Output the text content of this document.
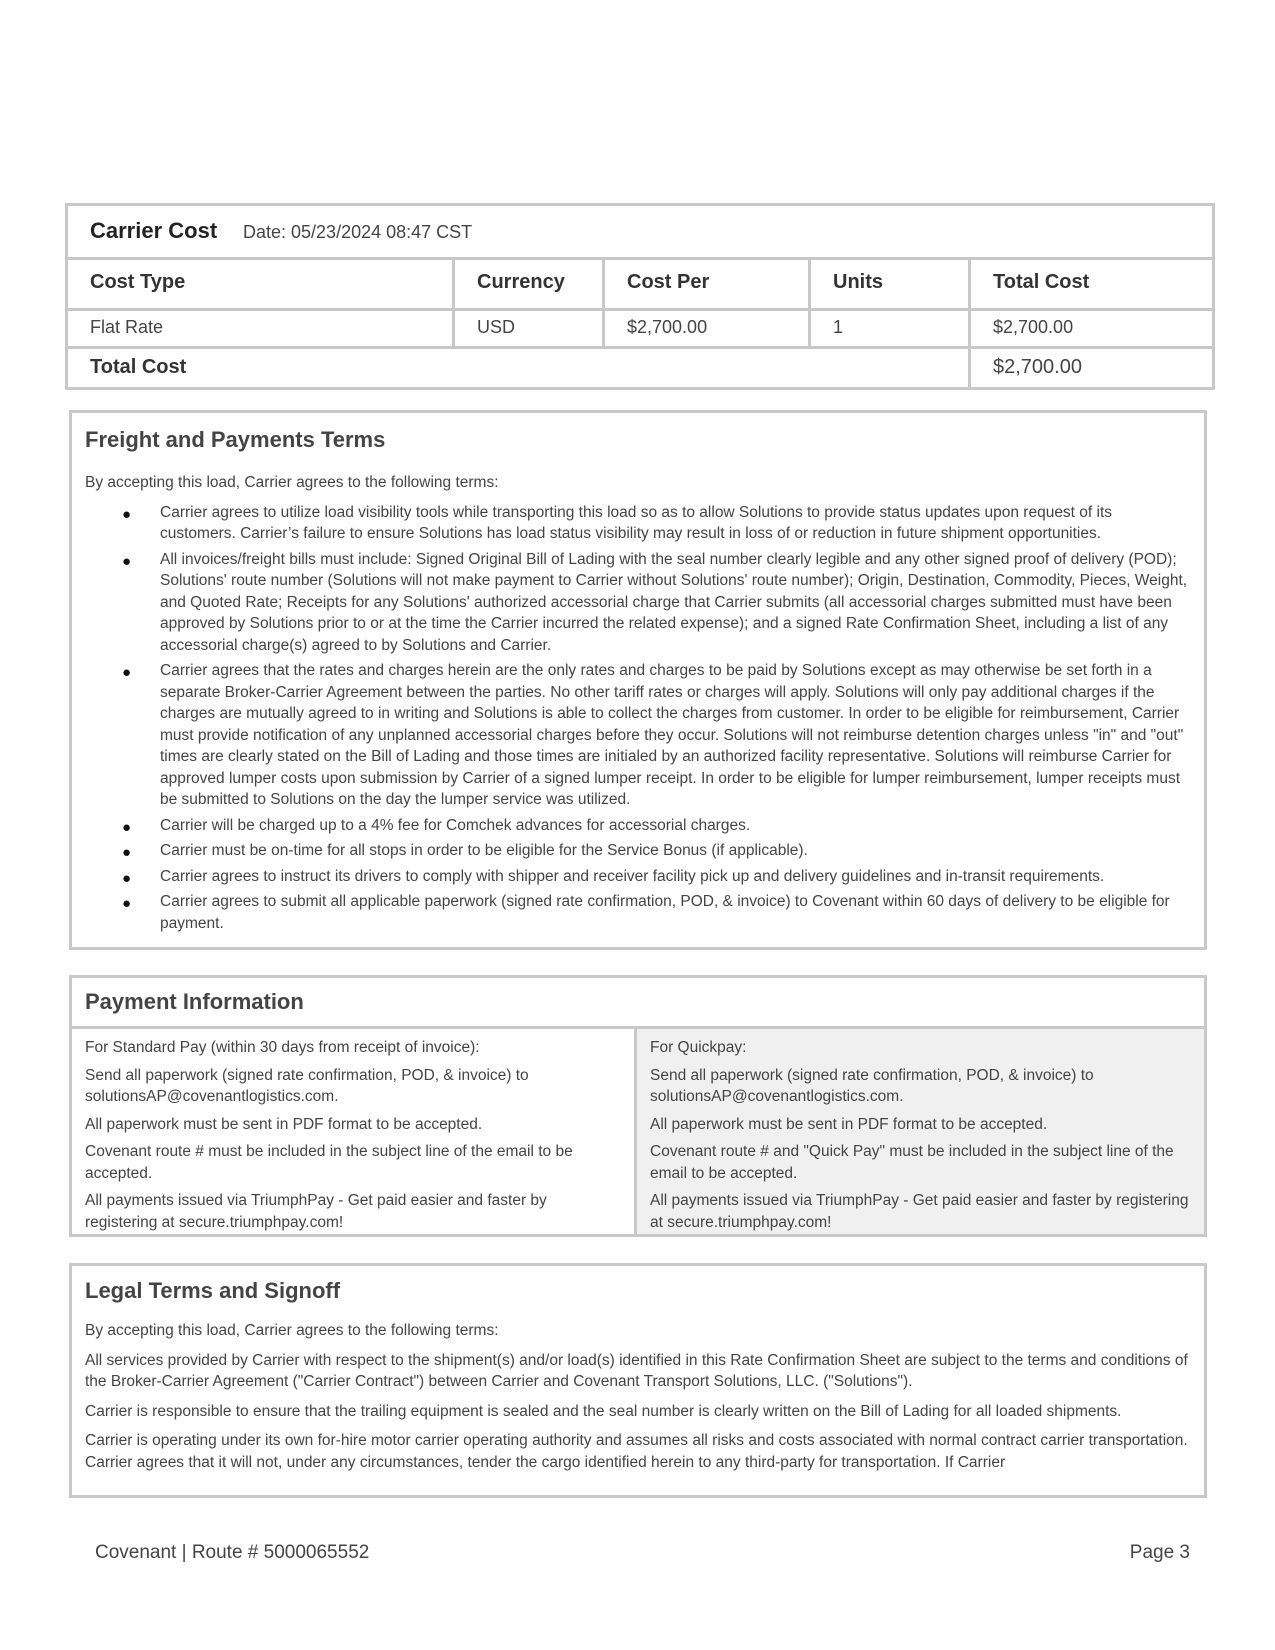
Carrier Cost Date: 05/23/2024 08:47 CST
Cost Type	Currency	Cost Per	Units	Total Cost
Flat Rate	USD	$2,700.00	1	$2,700.00
Total Cost	$2,700.00
Freight and Payments Terms
By accepting this load, Carrier agrees to the following terms:
● Carrier agrees to utilize load visibility tools while transporting this load so as to allow Solutions to provide status updates upon request of its customers. Carrier’s failure to ensure Solutions has load status visibility may result in loss of or reduction in future shipment opportunities.
● All invoices/freight bills must include: Signed Original Bill of Lading with the seal number clearly legible and any other signed proof of delivery (POD); Solutions' route number (Solutions will not make payment to Carrier without Solutions' route number); Origin, Destination, Commodity, Pieces, Weight, and Quoted Rate; Receipts for any Solutions' authorized accessorial charge that Carrier submits (all accessorial charges submitted must have been approved by Solutions prior to or at the time the Carrier incurred the related expense); and a signed Rate Confirmation Sheet, including a list of any accessorial charge(s) agreed to by Solutions and Carrier.
● Carrier agrees that the rates and charges herein are the only rates and charges to be paid by Solutions except as may otherwise be set forth in a separate Broker-Carrier Agreement between the parties. No other tariff rates or charges will apply. Solutions will only pay additional charges if the charges are mutually agreed to in writing and Solutions is able to collect the charges from customer. In order to be eligible for reimbursement, Carrier must provide notification of any unplanned accessorial charges before they occur. Solutions will not reimburse detention charges unless "in" and "out" times are clearly stated on the Bill of Lading and those times are initialed by an authorized facility representative. Solutions will reimburse Carrier for approved lumper costs upon submission by Carrier of a signed lumper receipt. In order to be eligible for lumper reimbursement, lumper receipts must be submitted to Solutions on the day the lumper service was utilized.
● Carrier will be charged up to a 4% fee for Comchek advances for accessorial charges.
● Carrier must be on-time for all stops in order to be eligible for the Service Bonus (if applicable).
● Carrier agrees to instruct its drivers to comply with shipper and receiver facility pick up and delivery guidelines and in-transit requirements.
● Carrier agrees to submit all applicable paperwork (signed rate confirmation, POD, & invoice) to Covenant within 60 days of delivery to be eligible for payment.
Payment Information

For Standard Pay (within 30 days from receipt of invoice):

Send all paperwork (signed rate confirmation, POD, & invoice) to solutionsAP@covenantlogistics.com.

All paperwork must be sent in PDF format to be accepted.

Covenant route # must be included in the subject line of the email to be accepted.

All payments issued via TriumphPay - Get paid easier and faster by registering at secure.triumphpay.com!

For Quickpay:

Send all paperwork (signed rate confirmation, POD, & invoice) to solutionsAP@covenantlogistics.com.

All paperwork must be sent in PDF format to be accepted.

Covenant route # and "Quick Pay" must be included in the subject line of the email to be accepted.

All payments issued via TriumphPay - Get paid easier and faster by registering at secure.triumphpay.com!

Legal Terms and Signoff

By accepting this load, Carrier agrees to the following terms:

All services provided by Carrier with respect to the shipment(s) and/or load(s) identified in this Rate Confirmation Sheet are subject to the terms and conditions of the Broker-Carrier Agreement ("Carrier Contract") between Carrier and Covenant Transport Solutions, LLC. ("Solutions").

Carrier is responsible to ensure that the trailing equipment is sealed and the seal number is clearly written on the Bill of Lading for all loaded shipments.

Carrier is operating under its own for-hire motor carrier operating authority and assumes all risks and costs associated with normal contract carrier transportation. Carrier agrees that it will not, under any circumstances, tender the cargo identified herein to any third-party for transportation. If Carrier

Covenant | Route # 5000065552	Page 3
